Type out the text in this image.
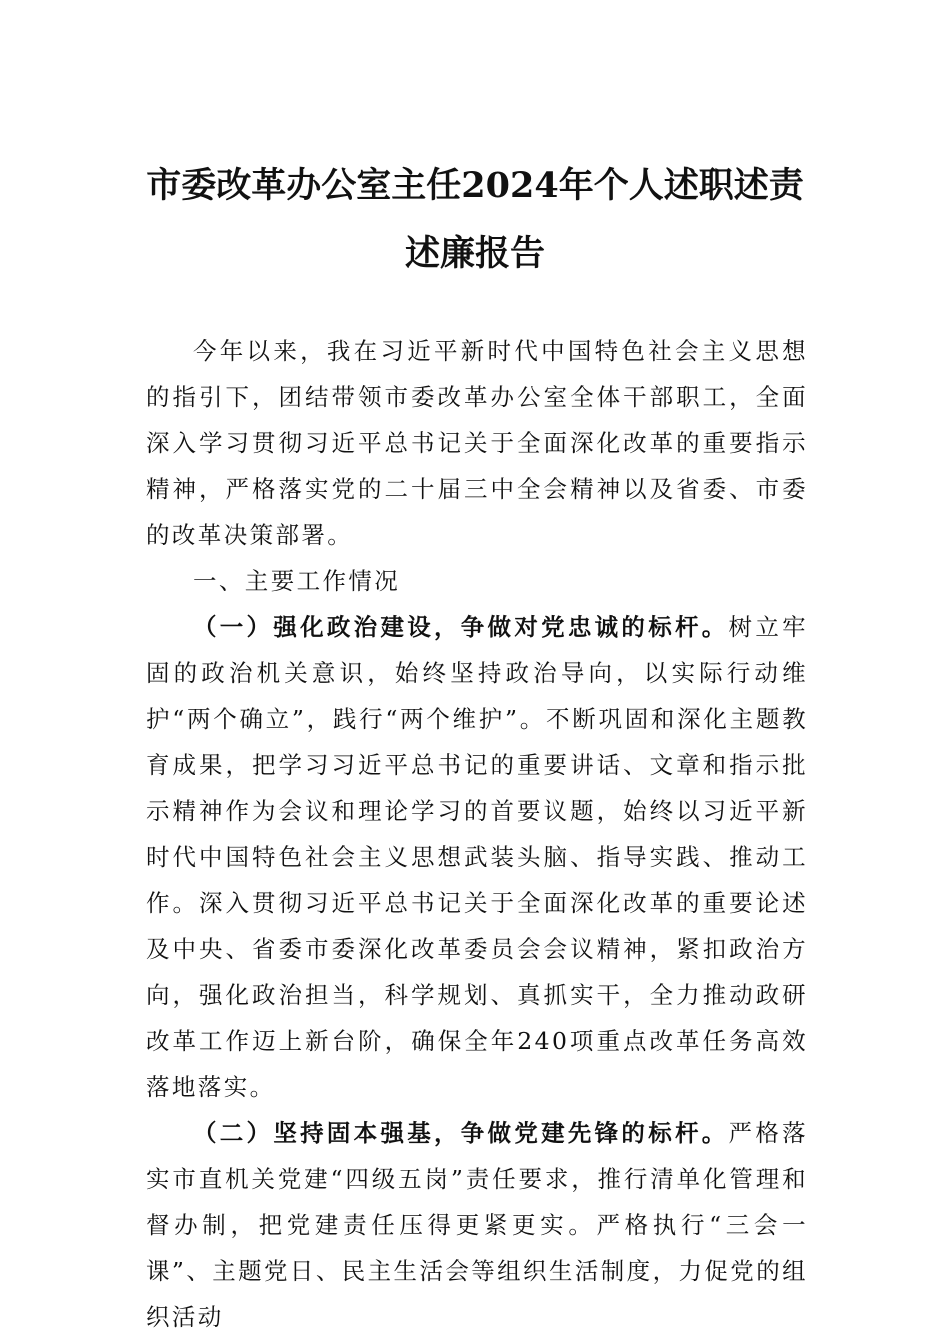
市委改革办公室主任2024年个人述职述责
述廉报告

今年以来，我在习近平新时代中国特色社会主义思想的指引下，团结带领市委改革办公室全体干部职工，全面深入学习贯彻习近平总书记关于全面深化改革的重要指示精神，严格落实党的二十届三中全会精神以及省委、市委的改革决策部署。

一、主要工作情况

（一）强化政治建设，争做对党忠诚的标杆。树立牢固的政治机关意识，始终坚持政治导向，以实际行动维护“两个确立”，践行“两个维护”。不断巩固和深化主题教育成果，把学习习近平总书记的重要讲话、文章和指示批示精神作为会议和理论学习的首要议题，始终以习近平新时代中国特色社会主义思想武装头脑、指导实践、推动工作。深入贯彻习近平总书记关于全面深化改革的重要论述及中央、省委市委深化改革委员会会议精神，紧扣政治方向，强化政治担当，科学规划、真抓实干，全力推动政研改革工作迈上新台阶，确保全年240项重点改革任务高效落地落实。

（二）坚持固本强基，争做党建先锋的标杆。严格落实市直机关党建“四级五岗”责任要求，推行清单化管理和督办制，把党建责任压得更紧更实。严格执行“三会一课”、主题党日、民主生活会等组织生活制度，力促党的组织活动
